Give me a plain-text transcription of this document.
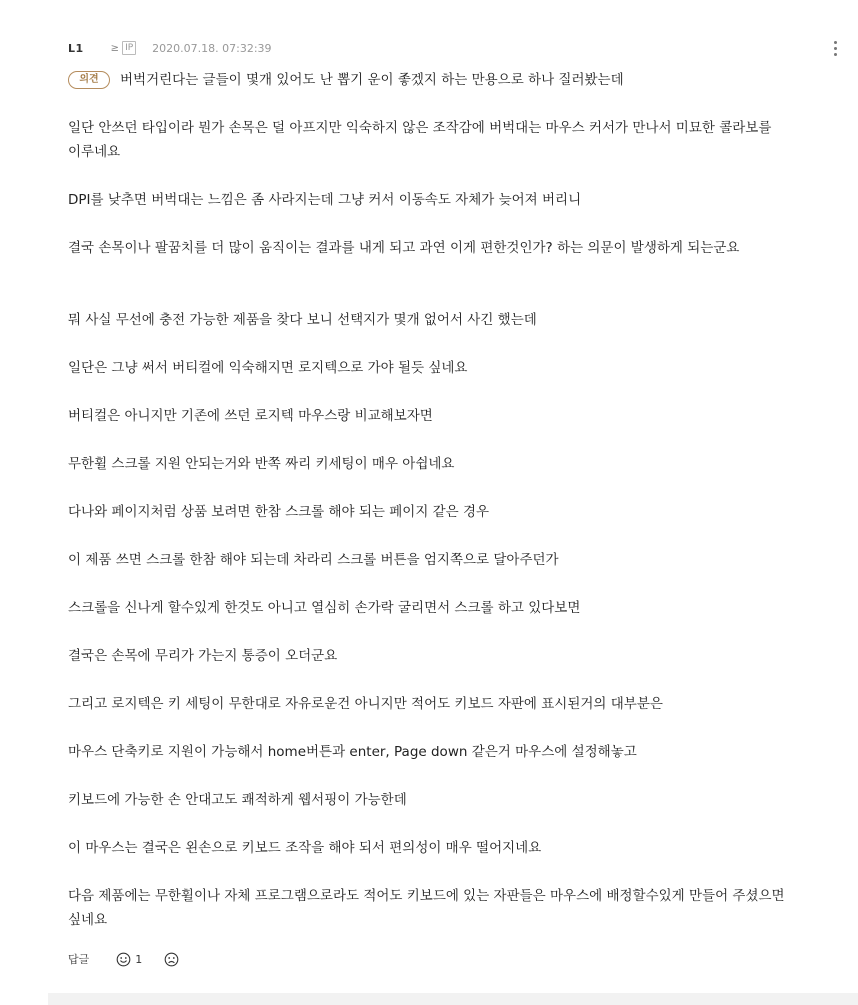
L1	≥ IP 2020.07.18. 07:32:39
의견	버벅거린다는 글들이 몇개 있어도 난 뽑기 운이 좋겠지 하는 만용으로 하나 질러봤는데

일단 안쓰던 타입이라 뭔가 손목은 덜 아프지만 익숙하지 않은 조작감에 버벅대는 마우스 커서가 만나서 미묘한 콜라보를 이루네요

DPI를 낮추면 버벅대는 느낌은 좀 사라지는데 그냥 커서 이동속도 자체가 늦어져 버리니

결국 손목이나 팔꿈치를 더 많이 움직이는 결과를 내게 되고 과연 이게 편한것인가? 하는 의문이 발생하게 되는군요

뭐 사실 무선에 충전 가능한 제품을 찾다 보니 선택지가 몇개 없어서 사긴 했는데

일단은 그냥 써서 버티컬에 익숙해지면 로지텍으로 가야 될듯 싶네요

버티컬은 아니지만 기존에 쓰던 로지텍 마우스랑 비교해보자면

무한휠 스크롤 지원 안되는거와 반쪽 짜리 키세팅이 매우 아쉽네요

다나와 페이지처럼 상품 보려면 한참 스크롤 해야 되는 페이지 같은 경우

이 제품 쓰면 스크롤 한참 해야 되는데 차라리 스크롤 버튼을 엄지쪽으로 달아주던가

스크롤을 신나게 할수있게 한것도 아니고 열심히 손가락 굴리면서 스크롤 하고 있다보면

결국은 손목에 무리가 가는지 통증이 오더군요

그리고 로지텍은 키 세팅이 무한대로 자유로운건 아니지만 적어도 키보드 자판에 표시된거의 대부분은

마우스 단축키로 지원이 가능해서 home버튼과 enter, Page down 같은거 마우스에 설정해놓고

키보드에 가능한 손 안대고도 쾌적하게 웹서핑이 가능한데

이 마우스는 결국은 왼손으로 키보드 조작을 해야 되서 편의성이 매우 떨어지네요

다음 제품에는 무한휠이나 자체 프로그램으로라도 적어도 키보드에 있는 자판들은 마우스에 배정할수있게 만들어 주셨으면 싶네요

답글	1
